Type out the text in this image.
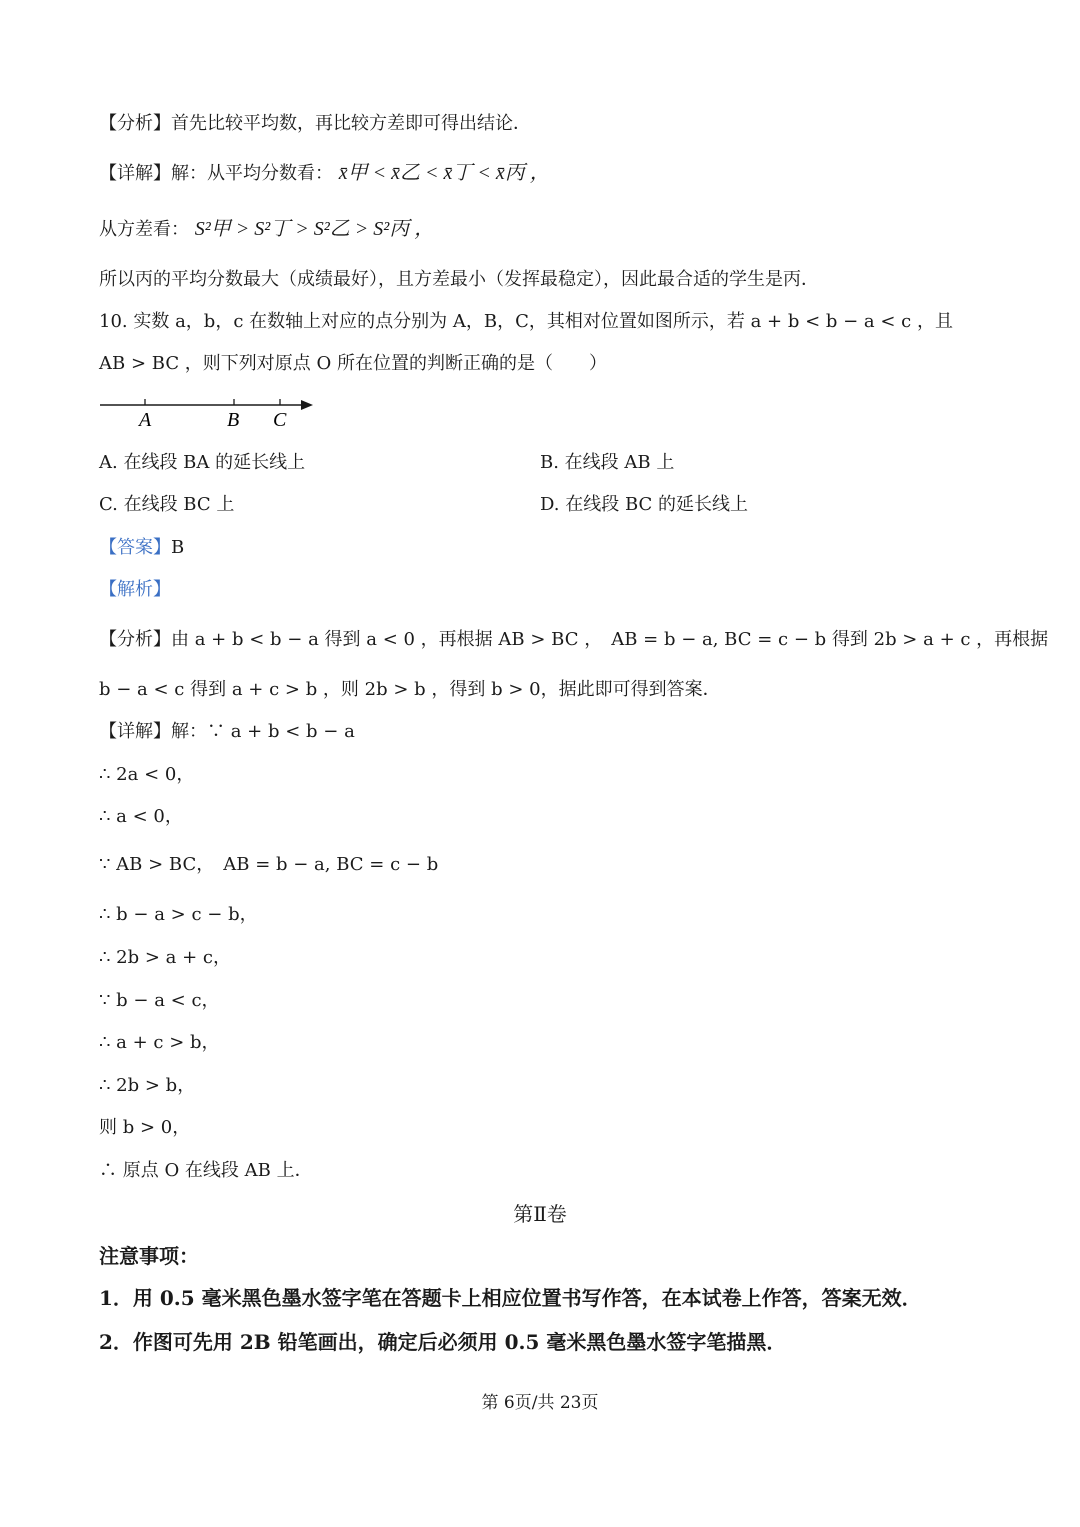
【分析】首先比较平均数，再比较方差即可得出结论．
【详解】解：从平均分数看： x̄甲 < x̄乙 < x̄丁 < x̄丙 ，
从方差看： S²甲 > S²丁 > S²乙 > S²丙 ，
所以丙的平均分数最大（成绩最好），且方差最小（发挥最稳定），因此最合适的学生是丙．
10. 实数 a，b，c 在数轴上对应的点分别为 A，B，C，其相对位置如图所示，若 a + b < b − a < c ，且
AB > BC ，则下列对原点 O 所在位置的判断正确的是（　　）
A	B C
A. 在线段 BA 的延长线上	B. 在线段 AB 上
C. 在线段 BC 上	D. 在线段 BC 的延长线上
【答案】B
【解析】
【分析】由 a + b < b − a 得到 a < 0 ，再根据 AB > BC ，　AB = b − a, BC = c − b 得到 2b > a + c ，再根据
b − a < c 得到 a + c > b ，则 2b > b ，得到 b > 0，据此即可得到答案．
【详解】解：∵ a + b < b − a
∴ 2a < 0，
∴ a < 0，
∵ AB > BC，　AB = b − a, BC = c − b
∴ b − a > c − b，
∴ 2b > a + c，
∵ b − a < c，
∴ a + c > b，
∴ 2b > b，
则 b > 0，
∴ 原点 O 在线段 AB 上．
第Ⅱ卷
注意事项：
1．用 0.5 毫米黑色墨水签字笔在答题卡上相应位置书写作答，在本试卷上作答，答案无效．
2．作图可先用 2B 铅笔画出，确定后必须用 0.5 毫米黑色墨水签字笔描黑．
第 6页/共 23页
